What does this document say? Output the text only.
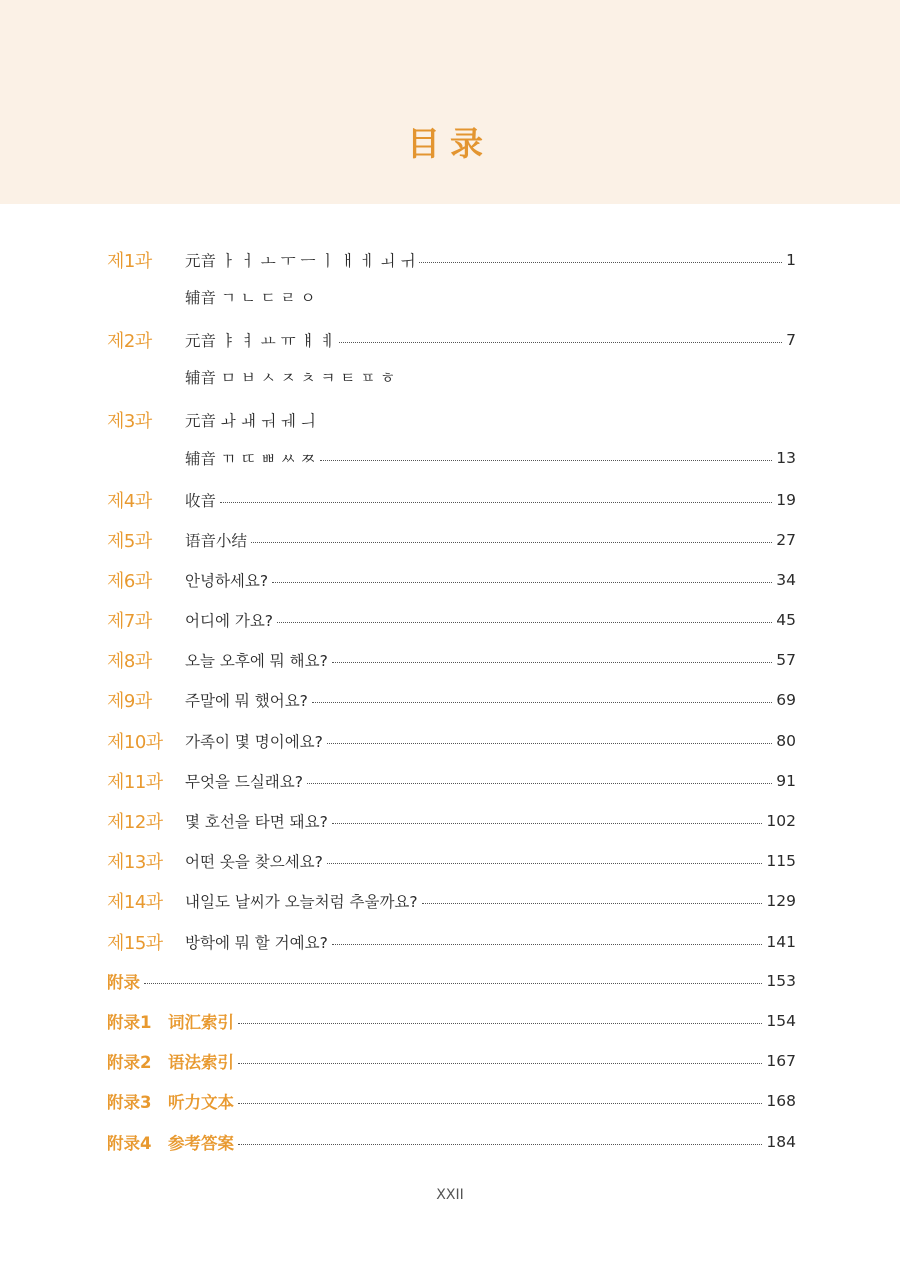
目录
제1과	元音 ㅏ ㅓ ㅗ ㅜ ㅡ ㅣ ㅐ ㅔ ㅚ ㅟ	1
辅音 ㄱ ㄴ ㄷ ㄹ ㅇ
제2과	元音 ㅑ ㅕ ㅛ ㅠ ㅒ ㅖ	7
辅音 ㅁ ㅂ ㅅ ㅈ ㅊ ㅋ ㅌ ㅍ ㅎ
제3과	元音 ㅘ ㅙ ㅝ ㅞ ㅢ
辅音 ㄲ ㄸ ㅃ ㅆ ㅉ	13
제4과	收音	19
제5과	语音小结	27
제6과	안녕하세요?	34
제7과	어디에 가요?	45
제8과	오늘 오후에 뭐 해요?	57
제9과	주말에 뭐 했어요?	69
제10과	가족이 몇 명이에요?	80
제11과	무엇을 드실래요?	91
제12과	몇 호선을 타면 돼요?	102
제13과	어떤 옷을 찾으세요?	115
제14과	내일도 날씨가 오늘처럼 추울까요?	129
제15과	방학에 뭐 할 거예요?	141
附录	153
附录1　词汇索引	154
附录2　语法索引	167
附录3　听力文本	168
附录4　参考答案	184
XXII
